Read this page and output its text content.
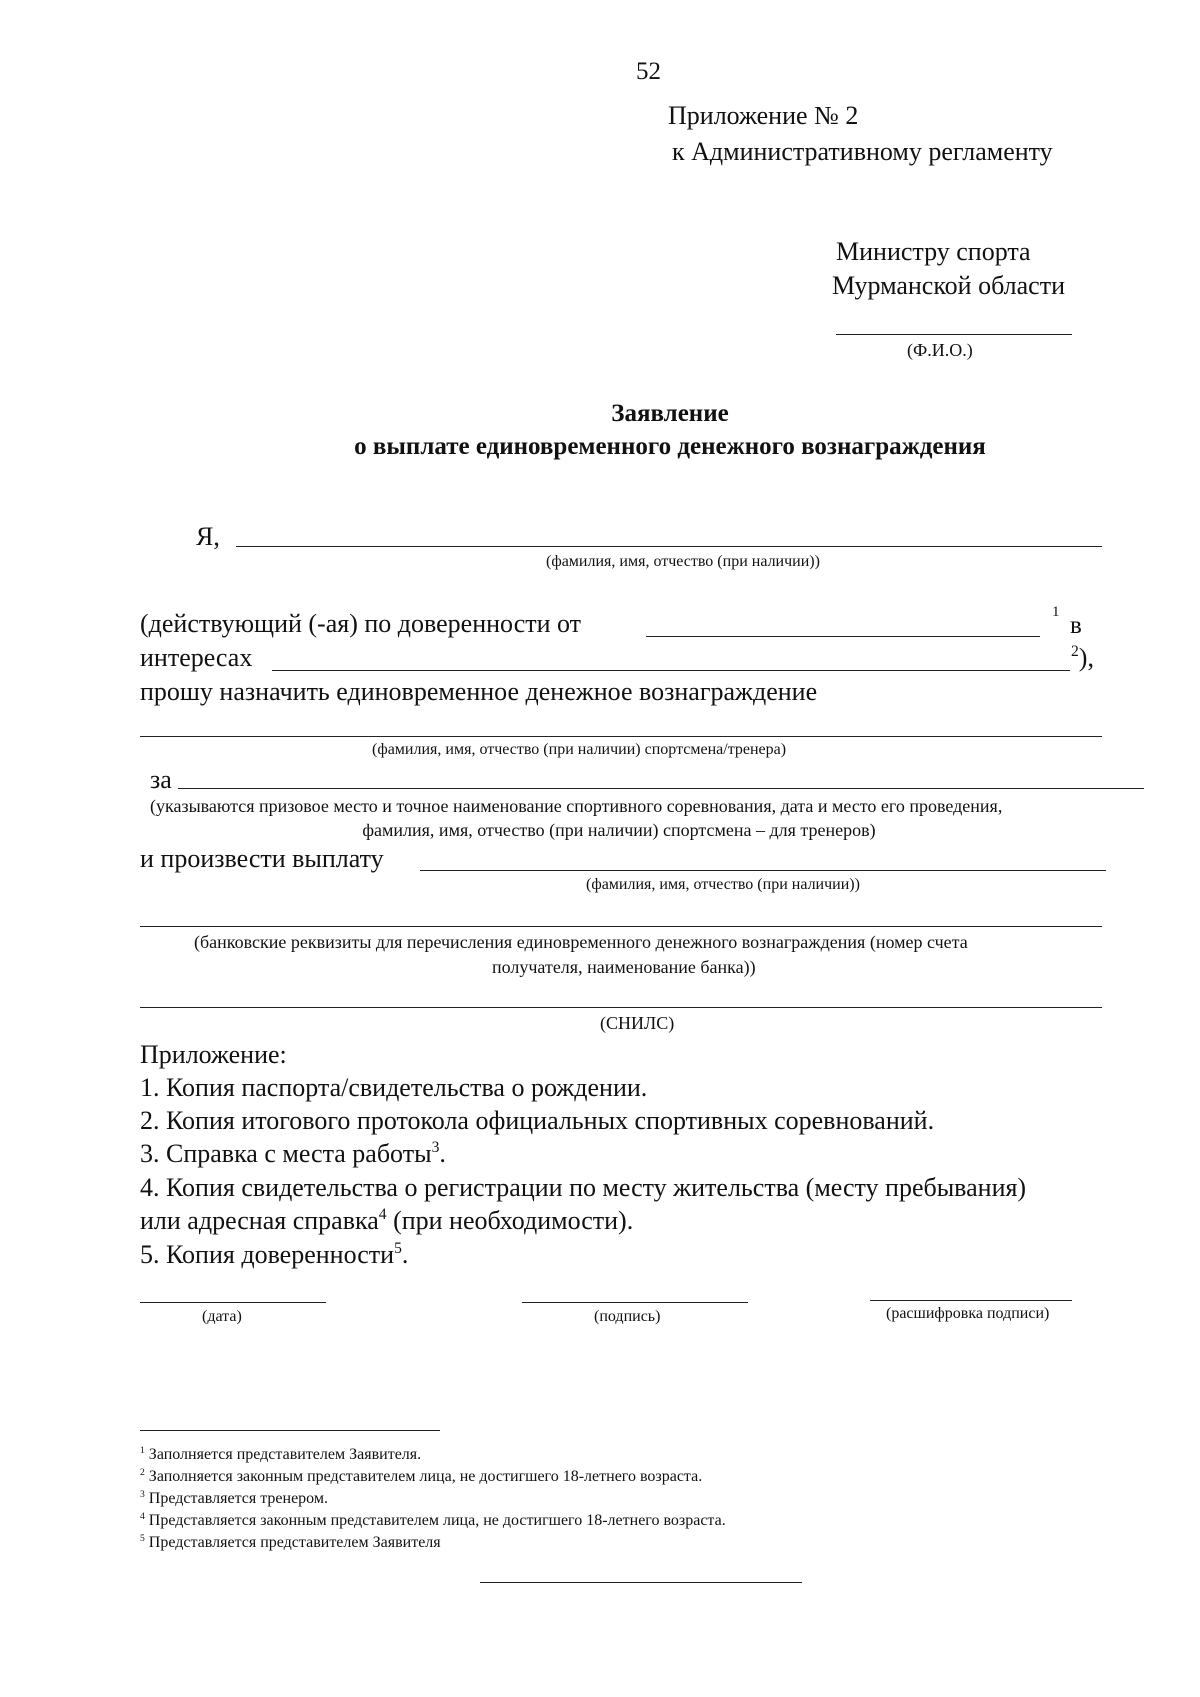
52
Приложение № 2
к Административному регламенту
Министру спорта
Мурманской области
(Ф.И.О.)
Заявление
о выплате единовременного денежного вознаграждения
Я,
(фамилия, имя, отчество (при наличии))
(действующий (-ая) по доверенности от	1 в
интересах	$^2$),
прошу назначить единовременное денежное вознаграждение
(фамилия, имя, отчество (при наличии) спортсмена/тренера)
за
(указываются призовое место и точное наименование спортивного соревнования, дата и место его проведения,
фамилия, имя, отчество (при наличии) спортсмена – для тренеров)
и произвести выплату
(фамилия, имя, отчество (при наличии))
(банковские реквизиты для перечисления единовременного денежного вознаграждения (номер счета
получателя, наименование банка))
(СНИЛС)
Приложение:
1. Копия паспорта/свидетельства о рождении.
2. Копия итогового протокола официальных спортивных соревнований.
3. Справка с места работы$^3$.
4. Копия свидетельства о регистрации по месту жительства (месту пребывания)
или адресная справка$^4$ (при необходимости).
5. Копия доверенности$^5$.
(дата)	(подпись)	(расшифровка подписи)
$^1$ Заполняется представителем Заявителя.
$^2$ Заполняется законным представителем лица, не достигшего 18-летнего возраста.
$^3$ Представляется тренером.
$^4$ Представляется законным представителем лица, не достигшего 18-летнего возраста.
$^5$ Представляется представителем Заявителя
